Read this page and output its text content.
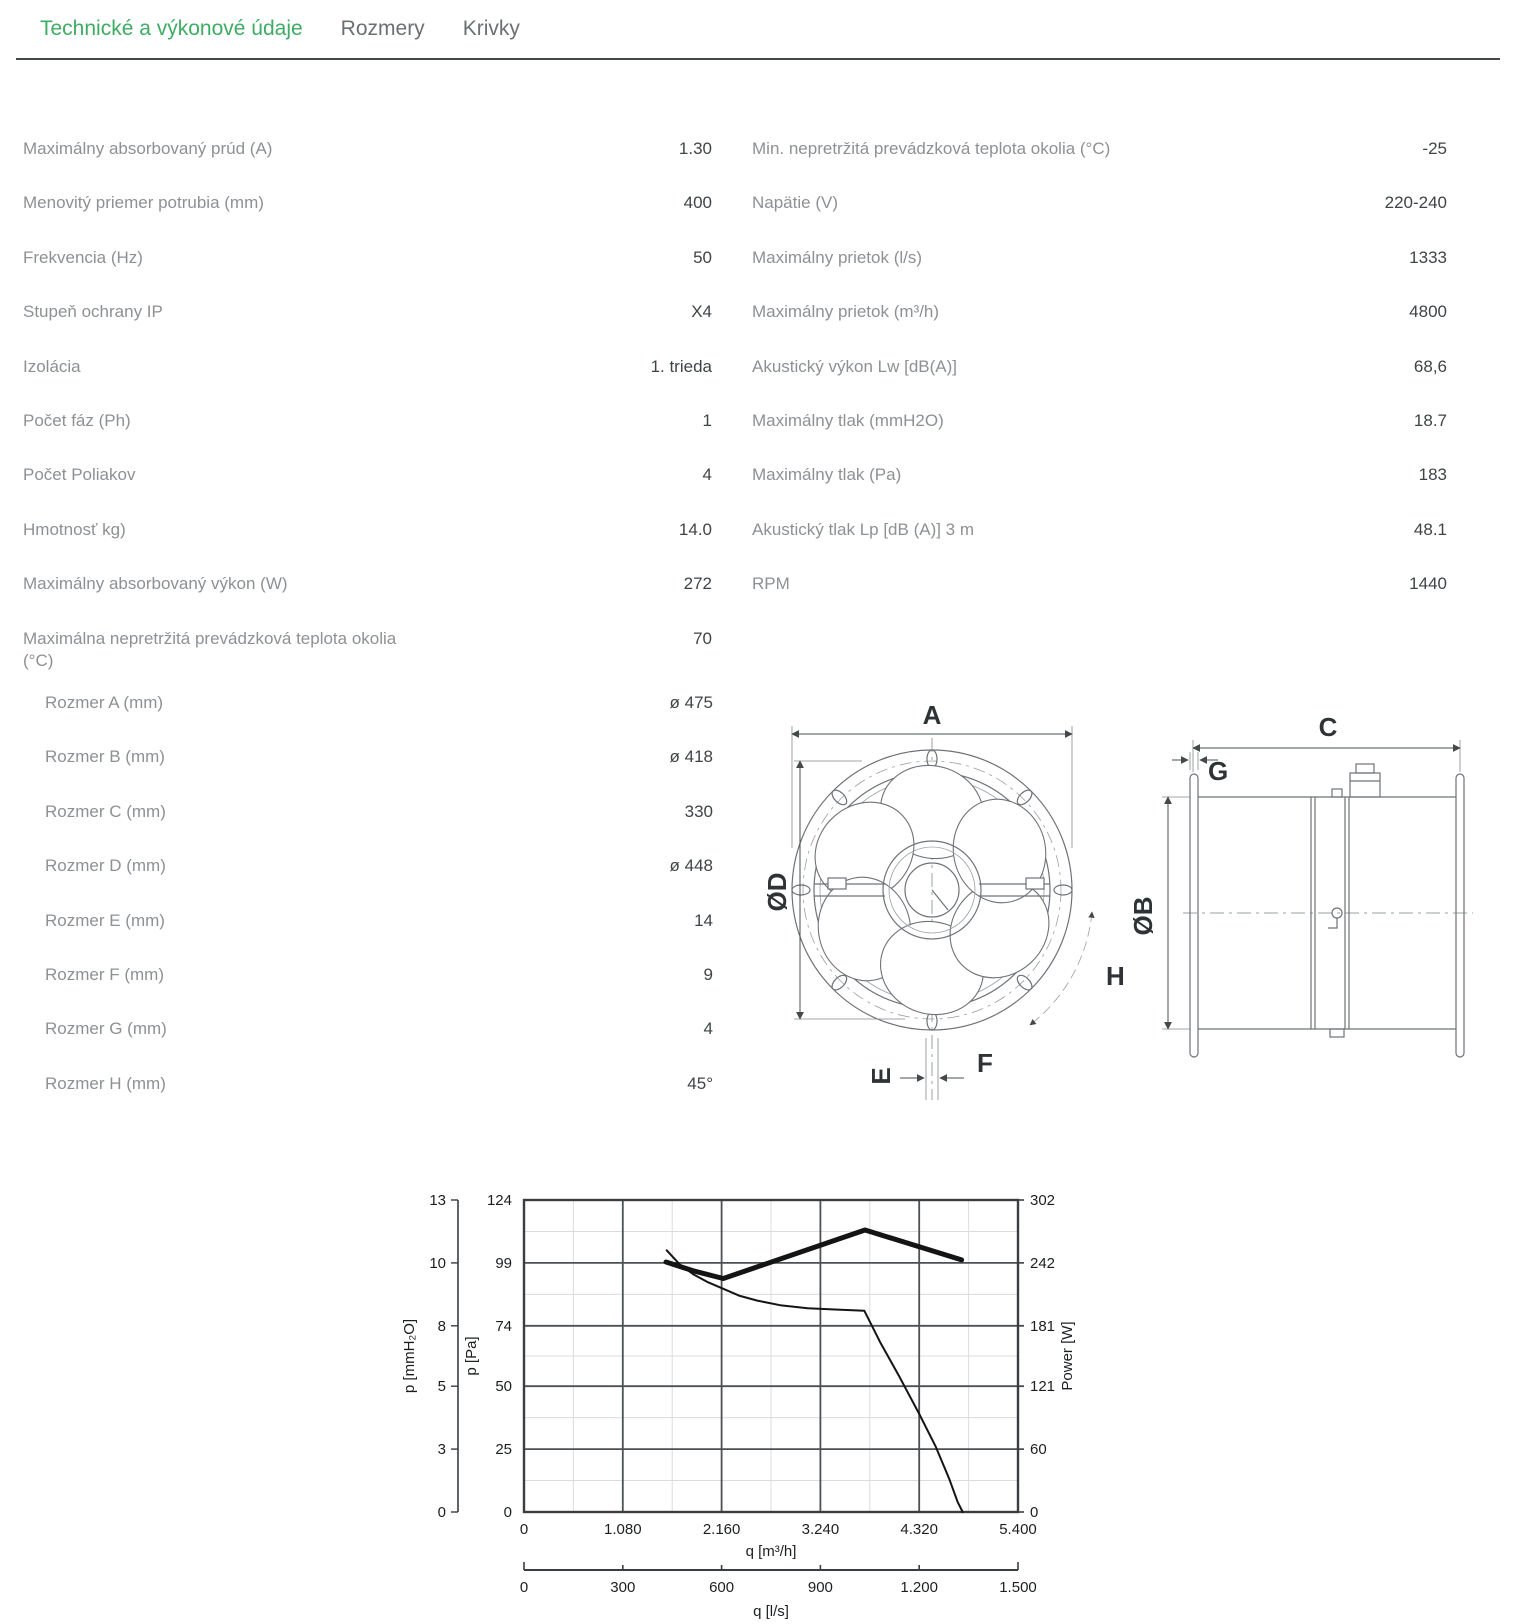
Technické a výkonové údaje Rozmery Krivky
Maximálny absorbovaný prúd (A)	1.30
Menovitý priemer potrubia (mm)	400
Frekvencia (Hz)	50
Stupeň ochrany IP	X4
Izolácia	1. trieda
Počet fáz (Ph)	1
Počet Poliakov	4
Hmotnosť kg)	14.0
Maximálny absorbovaný výkon (W)	272
Maximálna nepretržitá prevádzková teplota okolia (°C)
70
Min. nepretržitá prevádzková teplota okolia (°C)	-25
Napätie (V)	220-240
Maximálny prietok (l/s)	1333
Maximálny prietok (m³/h)	4800
Akustický výkon Lw [dB(A)]	68,6
Maximálny tlak (mmH2O)	18.7
Maximálny tlak (Pa)	183
Akustický tlak Lp [dB (A)] 3 m	48.1
RPM	1440
Rozmer A (mm)	ø 475
Rozmer B (mm)	ø 418
Rozmer C (mm)	330
Rozmer D (mm)	ø 448
Rozmer E (mm)	14
Rozmer F (mm)	9
Rozmer G (mm)	4
Rozmer H (mm)	45°
A
ØD
E	F
H
C
G
ØB
0
25
50
74
99
124
0
3
5
8
10
13
0
60
121
181
242
302
0	1.080	2.160	3.240	4.320	5.400
q [m³/h]
0	300	600	900	1.200	1.500
q [l/s]
p [mmH₂O]	p [Pa]	Power [W]
